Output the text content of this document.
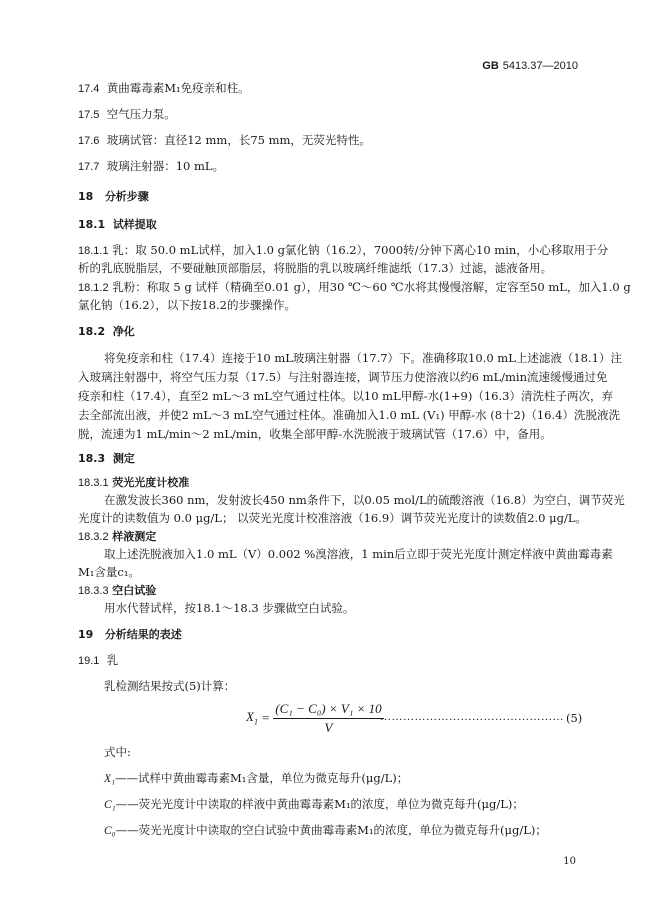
GB 5413.37—2010
17.4 黄曲霉毒素M₁免疫亲和柱。
17.5 空气压力泵。
17.6 玻璃试管：直径12 mm，长75 mm，无荧光特性。
17.7 玻璃注射器：10 mL。
18 分析步骤
18.1 试样提取
18.1.1 乳：取 50.0 mL试样，加入1.0 g氯化钠（16.2），7000转/分钟下离心10 min，小心移取用于分
析的乳底脱脂层，不要碰触顶部脂层，将脱脂的乳以玻璃纤维滤纸（17.3）过滤，滤液备用。
18.1.2 乳粉：称取 5 g 试样（精确至0.01 g），用30 ℃～60 ℃水将其慢慢溶解，定容至50 mL，加入1.0 g
氯化钠（16.2），以下按18.2的步骤操作。
18.2 净化
将免疫亲和柱（17.4）连接于10 mL玻璃注射器（17.7）下。准确移取10.0 mL上述滤液（18.1）注
入玻璃注射器中，将空气压力泵（17.5）与注射器连接，调节压力使溶液以约6 mL/min流速缓慢通过免
疫亲和柱（17.4），直至2 mL～3 mL空气通过柱体。以10 mL甲醇-水(1+9)（16.3）清洗柱子两次，弃
去全部流出液，并使2 mL～3 mL空气通过柱体。准确加入1.0 mL (V₁) 甲醇-水 (8十2)（16.4）洗脱液洗
脱，流速为1 mL/min～2 mL/min，收集全部甲醇-水洗脱液于玻璃试管（17.6）中，备用。
18.3 测定
18.3.1 荧光光度计校准
在激发波长360 nm，发射波长450 nm条件下，以0.05 mol/L的硫酸溶液（16.8）为空白，调节荧光
光度计的读数值为 0.0 μg/L； 以荧光光度计校准溶液（16.9）调节荧光光度计的读数值2.0 μg/L。
18.3.2 样液测定
取上述洗脱液加入1.0 mL（V）0.002 %溴溶液，1 min后立即于荧光光度计测定样液中黄曲霉毒素
M₁含量c₁。
18.3.3 空白试验
用水代替试样，按18.1～18.3 步骤做空白试验。
19 分析结果的表述
19.1 乳
乳检测结果按式(5)计算：
$X_1 = \frac{\text{(C₁ − C₀) × V₁ × 10}}{V}$
………………………………………… (5)
式中:
X₁——试样中黄曲霉毒素M₁含量，单位为微克每升(μg/L)；
C₁——荧光光度计中读取的样液中黄曲霉毒素M₁的浓度，单位为微克每升(μg/L)；
C₀——荧光光度计中读取的空白试验中黄曲霉毒素M₁的浓度，单位为微克每升(μg/L)；
10
